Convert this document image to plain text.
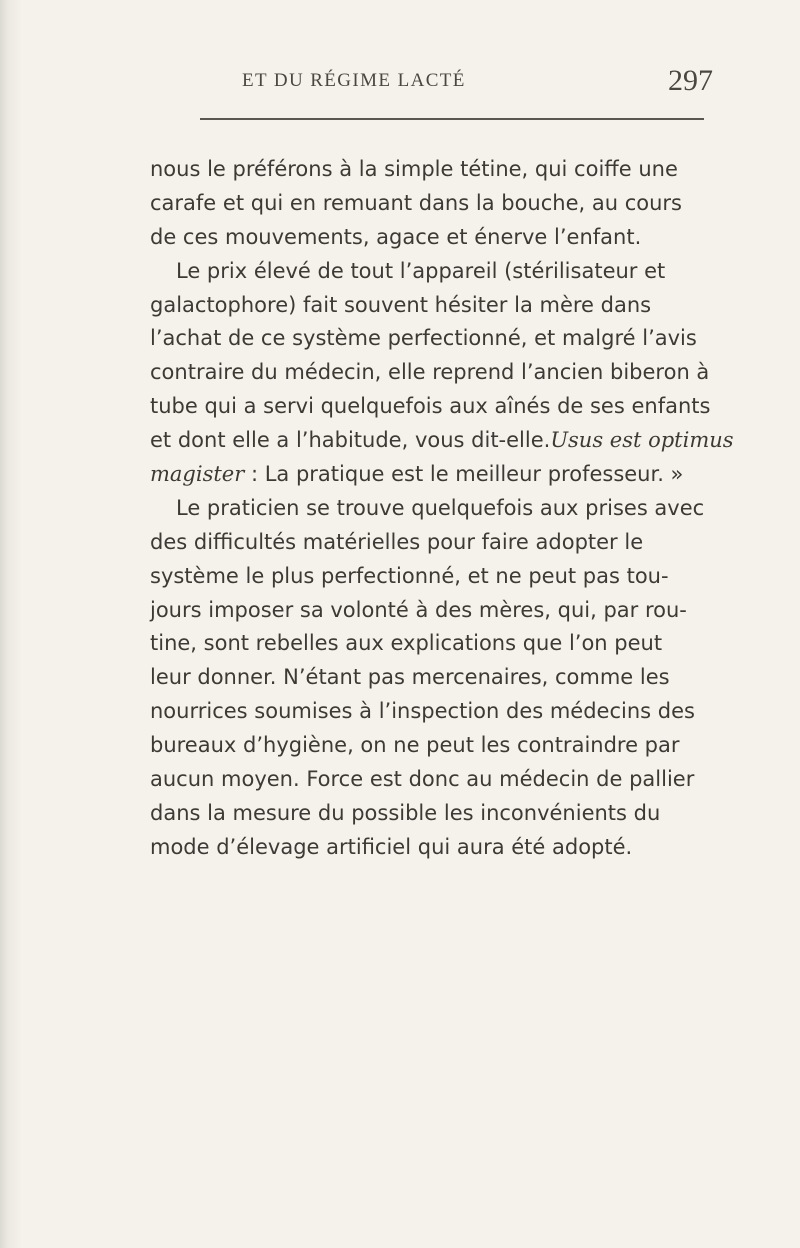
ET DU RÉGIME LACTÉ	297
nous le préférons à la simple tétine, qui coiffe une
carafe et qui en remuant dans la bouche, au cours
de ces mouvements, agace et énerve l’enfant.
Le prix élevé de tout l’appareil (stérilisateur et
galactophore) fait souvent hésiter la mère dans
l’achat de ce système perfectionné, et malgré l’avis
contraire du médecin, elle reprend l’ancien biberon à
tube qui a servi quelquefois aux aînés de ses enfants
et dont elle a l’habitude, vous dit-elle.Usus est optimus
magister : La pratique est le meilleur professeur. »
Le praticien se trouve quelquefois aux prises avec
des difficultés matérielles pour faire adopter le
système le plus perfectionné, et ne peut pas tou-
jours imposer sa volonté à des mères, qui, par rou-
tine, sont rebelles aux explications que l’on peut
leur donner. N’étant pas mercenaires, comme les
nourrices soumises à l’inspection des médecins des
bureaux d’hygiène, on ne peut les contraindre par
aucun moyen. Force est donc au médecin de pallier
dans la mesure du possible les inconvénients du
mode d’élevage artificiel qui aura été adopté.
